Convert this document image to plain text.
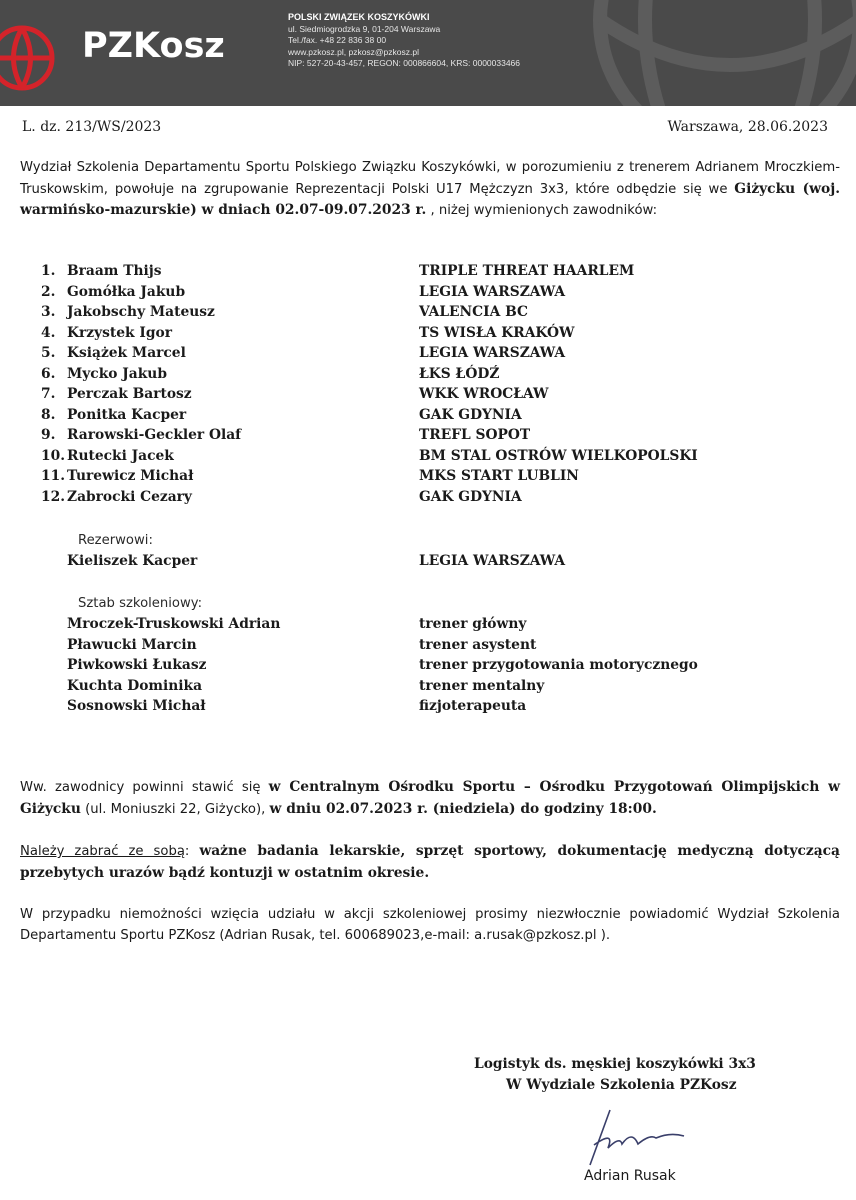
PZKosz
POLSKI ZWIĄZEK KOSZYKÓWKI
ul. Siedmiogrodzka 9, 01-204 Warszawa
Tel./fax. +48 22 836 38 00
www.pzkosz.pl, pzkosz@pzkosz.pl
NIP: 527-20-43-457, REGON: 000866604, KRS: 0000033466
L. dz. 213/WS/2023	Warszawa, 28.06.2023
Wydział Szkolenia Departamentu Sportu Polskiego Związku Koszykówki, w porozumieniu z trenerem Adrianem Mroczkiem-Truskowskim, powołuje na zgrupowanie Reprezentacji Polski U17 Mężczyzn 3x3, które odbędzie się we Giżycku (woj. warmińsko-mazurskie) w dniach 02.07-09.07.2023 r. , niżej wymienionych zawodników:
1. Braam Thijs	TRIPLE THREAT HAARLEM
2. Gomółka Jakub	LEGIA WARSZAWA
3. Jakobschy Mateusz	VALENCIA BC
4. Krzystek Igor	TS WISŁA KRAKÓW
5. Książek Marcel	LEGIA WARSZAWA
6. Mycko Jakub	ŁKS ŁÓDŹ
7. Perczak Bartosz	WKK WROCŁAW
8. Ponitka Kacper	GAK GDYNIA
9. Rarowski-Geckler Olaf	TREFL SOPOT
10. Rutecki Jacek	BM STAL OSTRÓW WIELKOPOLSKI
11. Turewicz Michał	MKS START LUBLIN
12. Zabrocki Cezary	GAK GDYNIA
Rezerwowi:
Kieliszek Kacper	LEGIA WARSZAWA
Sztab szkoleniowy:
Mroczek-Truskowski Adrian	trener główny
Pławucki Marcin	trener asystent
Piwkowski Łukasz	trener przygotowania motorycznego
Kuchta Dominika	trener mentalny
Sosnowski Michał	fizjoterapeuta
Ww. zawodnicy powinni stawić się w Centralnym Ośrodku Sportu – Ośrodku Przygotowań Olimpijskich w Giżycku (ul. Moniuszki 22, Giżycko), w dniu 02.07.2023 r. (niedziela) do godziny 18:00.
Należy zabrać ze sobą: ważne badania lekarskie, sprzęt sportowy, dokumentację medyczną dotyczącą przebytych urazów bądź kontuzji w ostatnim okresie.
W przypadku niemożności wzięcia udziału w akcji szkoleniowej prosimy niezwłocznie powiadomić Wydział Szkolenia Departamentu Sportu PZKosz (Adrian Rusak, tel. 600689023,e-mail: a.rusak@pzkosz.pl ).
Logistyk ds. męskiej koszykówki 3x3
W Wydziale Szkolenia PZKosz
Adrian Rusak
